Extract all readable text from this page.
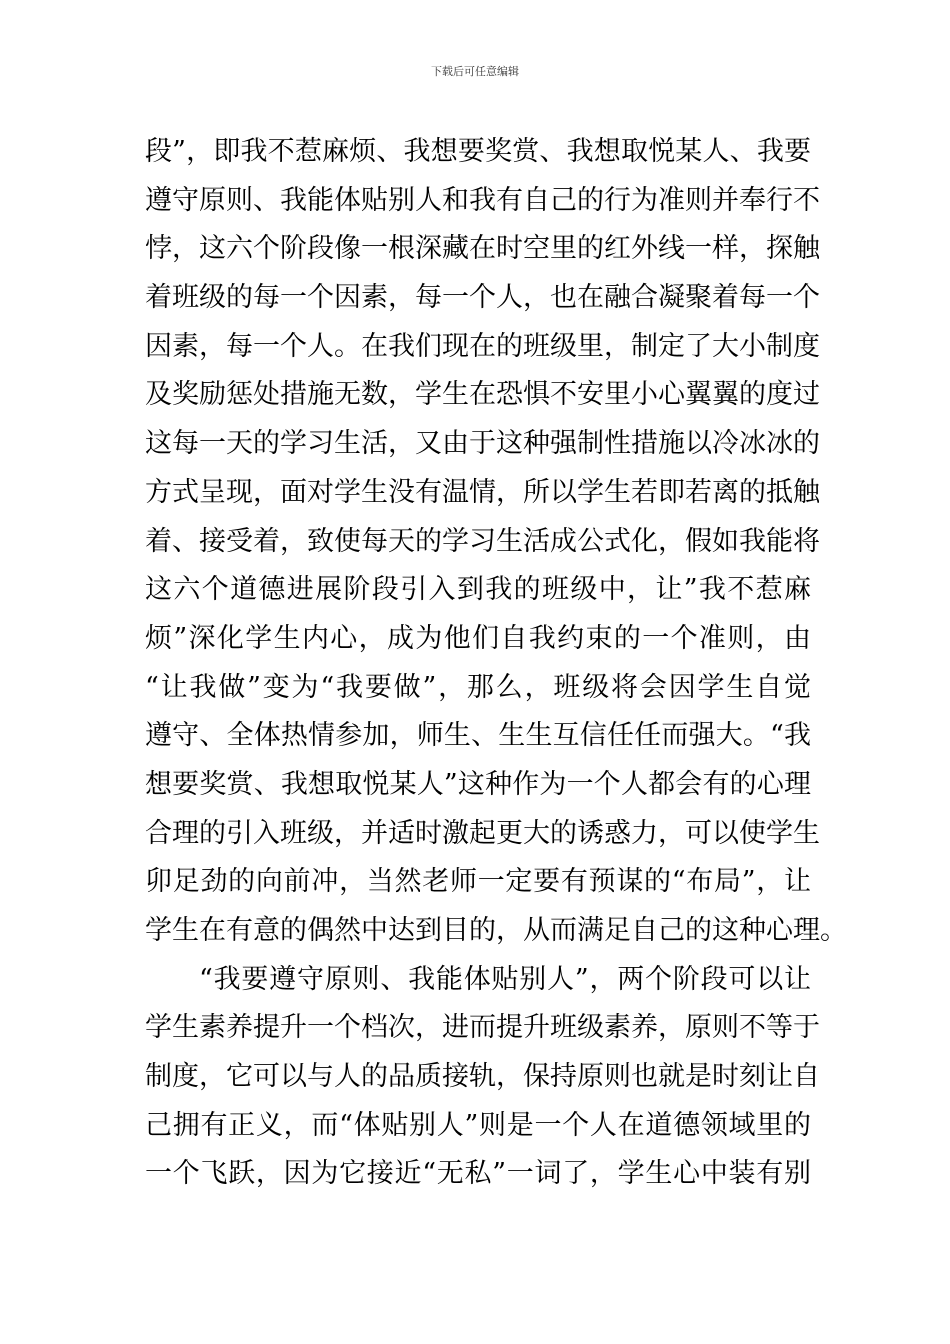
下载后可任意编辑
段”，即我不惹麻烦、我想要奖赏、我想取悦某人、我要
遵守原则、我能体贴别人和我有自己的行为准则并奉行不
悖，这六个阶段像一根深藏在时空里的红外线一样，探触
着班级的每一个因素，每一个人，也在融合凝聚着每一个
因素，每一个人。在我们现在的班级里，制定了大小制度
及奖励惩处措施无数，学生在恐惧不安里小心翼翼的度过
这每一天的学习生活，又由于这种强制性措施以冷冰冰的
方式呈现，面对学生没有温情，所以学生若即若离的抵触
着、接受着，致使每天的学习生活成公式化，假如我能将
这六个道德进展阶段引入到我的班级中，让”我不惹麻
烦”深化学生内心，成为他们自我约束的一个准则，由
“让我做”变为“我要做”，那么，班级将会因学生自觉
遵守、全体热情参加，师生、生生互信任任而强大。“我
想要奖赏、我想取悦某人”这种作为一个人都会有的心理
合理的引入班级，并适时激起更大的诱惑力，可以使学生
卯足劲的向前冲，当然老师一定要有预谋的“布局”，让
学生在有意的偶然中达到目的，从而满足自己的这种心理。
“我要遵守原则、我能体贴别人”，两个阶段可以让
学生素养提升一个档次，进而提升班级素养，原则不等于
制度，它可以与人的品质接轨，保持原则也就是时刻让自
己拥有正义，而“体贴别人”则是一个人在道德领域里的
一个飞跃，因为它接近“无私”一词了，学生心中装有别
